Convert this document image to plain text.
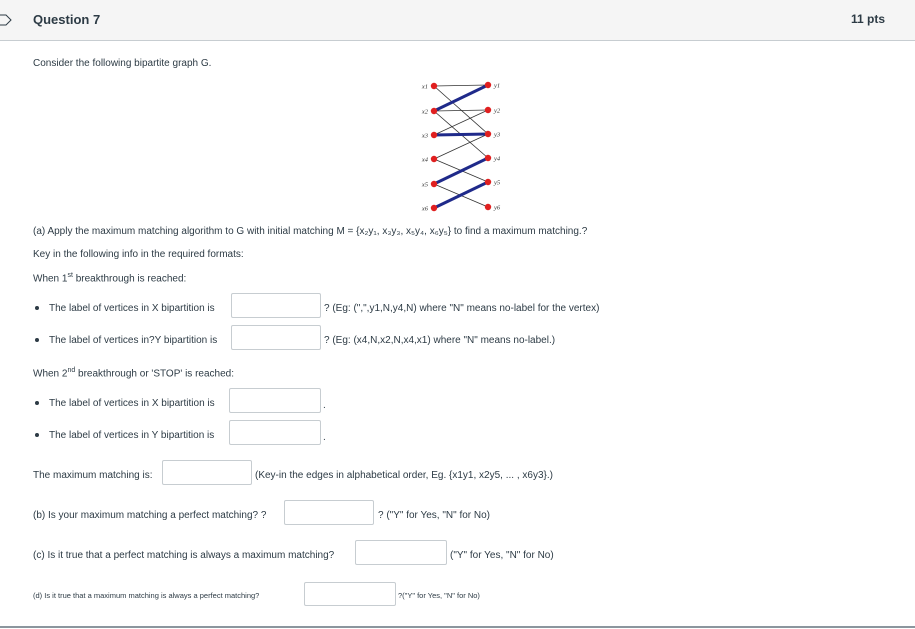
Question 7	11 pts
Consider the following bipartite graph G.
x1
x2
x3
x4
x5
x6
y1
y2
y3
y4
y5
y6
(a) Apply the maximum matching algorithm to G with initial matching M = {x₂y₁, x₃y₃, x₅y₄, x₆y₅} to find a maximum matching.?
Key in the following info in the required formats:
When 1st breakthrough is reached:
The label of vertices in X bipartition is	? (Eg: (",",y1,N,y4,N) where "N" means no-label for the vertex)
The label of vertices in?Y bipartition is	? (Eg: (x4,N,x2,N,x4,x1) where "N" means no-label.)
When 2nd breakthrough or 'STOP' is reached:
The label of vertices in X bipartition is	.
The label of vertices in Y bipartition is	.
The maximum matching is:	(Key-in the edges in alphabetical order, Eg. {x1y1, x2y5, ... , x6y3}.)
(b) Is your maximum matching a perfect matching? ?	? ("Y" for Yes, "N" for No)
(c) Is it true that a perfect matching is always a maximum matching?	("Y" for Yes, "N" for No)
(d) Is it true that a maximum matching is always a perfect matching?	?("Y" for Yes, "N" for No)
